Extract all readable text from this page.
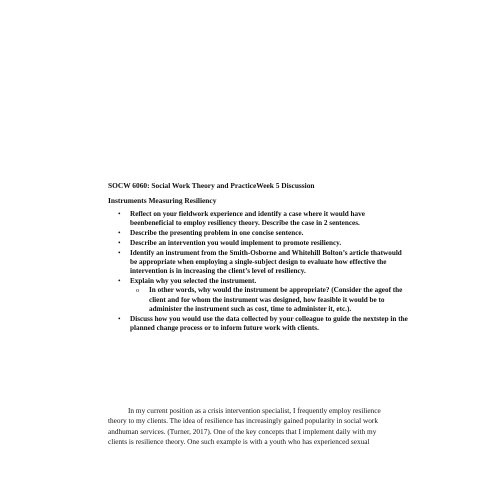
SOCW 6060: Social Work Theory and PracticeWeek 5 Discussion
Instruments Measuring Resiliency
• Reflect on your fieldwork experience and identify a case where it would have beenbeneficial to employ resiliency theory. Describe the case in 2 sentences.
• Describe the presenting problem in one concise sentence.
• Describe an intervention you would implement to promote resiliency.
• Identify an instrument from the Smith-Osborne and Whitehill Bolton’s article thatwould be appropriate when employing a single-subject design to evaluate how effective the intervention is in increasing the client’s level of resiliency.
• Explain why you selected the instrument.
o In other words, why would the instrument be appropriate? (Consider the ageof the client and for whom the instrument was designed, how feasible it would be to administer the instrument such as cost, time to administer it, etc.).
• Discuss how you would use the data collected by your colleague to guide the nextstep in the planned change process or to inform future work with clients.

In my current position as a crisis intervention specialist, I frequently employ resilience theory to my clients. The idea of resilience has increasingly gained popularity in social work andhuman services. (Turner, 2017). One of the key concepts that I implement daily with my clients is resilience theory. One such example is with a youth who has experienced sexual
